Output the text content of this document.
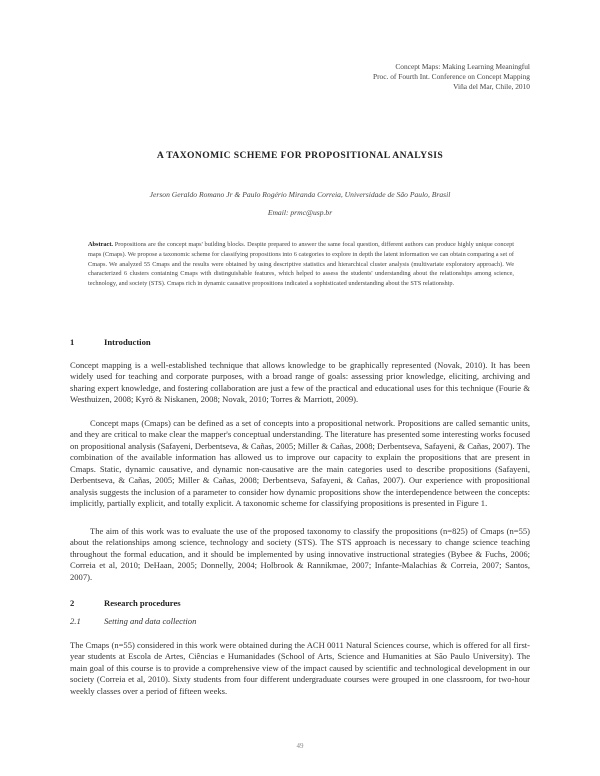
Concept Maps: Making Learning Meaningful
Proc. of Fourth Int. Conference on Concept Mapping
Viña del Mar, Chile, 2010
A TAXONOMIC SCHEME FOR PROPOSITIONAL ANALYSIS
Jerson Geraldo Romano Jr & Paulo Rogério Miranda Correia, Universidade de São Paulo, Brasil
Email: prmc@usp.br
Abstract. Propositions are the concept maps' building blocks. Despite prepared to answer the same focal question, different authors can produce highly unique concept maps (Cmaps). We propose a taxonomic scheme for classifying propositions into 6 categories to explore in depth the latent information we can obtain comparing a set of Cmaps. We analyzed 55 Cmaps and the results were obtained by using descriptive statistics and hierarchical cluster analysis (multivariate exploratory approach). We characterized 6 clusters containing Cmaps with distinguishable features, which helped to assess the students' understanding about the relationships among science, technology, and society (STS). Cmaps rich in dynamic causative propositions indicated a sophisticated understanding about the STS relationship.
1	Introduction
Concept mapping is a well-established technique that allows knowledge to be graphically represented (Novak, 2010). It has been widely used for teaching and corporate purposes, with a broad range of goals: assessing prior knowledge, eliciting, archiving and sharing expert knowledge, and fostering collaboration are just a few of the practical and educational uses for this technique (Fourie & Westhuizen, 2008; Kyrö & Niskanen, 2008; Novak, 2010; Torres & Marriott, 2009).
Concept maps (Cmaps) can be defined as a set of concepts into a propositional network. Propositions are called semantic units, and they are critical to make clear the mapper's conceptual understanding. The literature has presented some interesting works focused on propositional analysis (Safayeni, Derbentseva, & Cañas, 2005; Miller & Cañas, 2008; Derbentseva, Safayeni, & Cañas, 2007). The combination of the available information has allowed us to improve our capacity to explain the propositions that are present in Cmaps. Static, dynamic causative, and dynamic non-causative are the main categories used to describe propositions (Safayeni, Derbentseva, & Cañas, 2005; Miller & Cañas, 2008; Derbentseva, Safayeni, & Cañas, 2007). Our experience with propositional analysis suggests the inclusion of a parameter to consider how dynamic propositions show the interdependence between the concepts: implicitly, partially explicit, and totally explicit. A taxonomic scheme for classifying propositions is presented in Figure 1.
The aim of this work was to evaluate the use of the proposed taxonomy to classify the propositions (n=825) of Cmaps (n=55) about the relationships among science, technology and society (STS). The STS approach is necessary to change science teaching throughout the formal education, and it should be implemented by using innovative instructional strategies (Bybee & Fuchs, 2006; Correia et al, 2010; DeHaan, 2005; Donnelly, 2004; Holbrook & Rannikmae, 2007; Infante-Malachias & Correia, 2007; Santos, 2007).
2	Research procedures
2.1	Setting and data collection
The Cmaps (n=55) considered in this work were obtained during the ACH 0011 Natural Sciences course, which is offered for all first-year students at Escola de Artes, Ciências e Humanidades (School of Arts, Science and Humanities at São Paulo University). The main goal of this course is to provide a comprehensive view of the impact caused by scientific and technological development in our society (Correia et al, 2010). Sixty students from four different undergraduate courses were grouped in one classroom, for two-hour weekly classes over a period of fifteen weeks.
49
